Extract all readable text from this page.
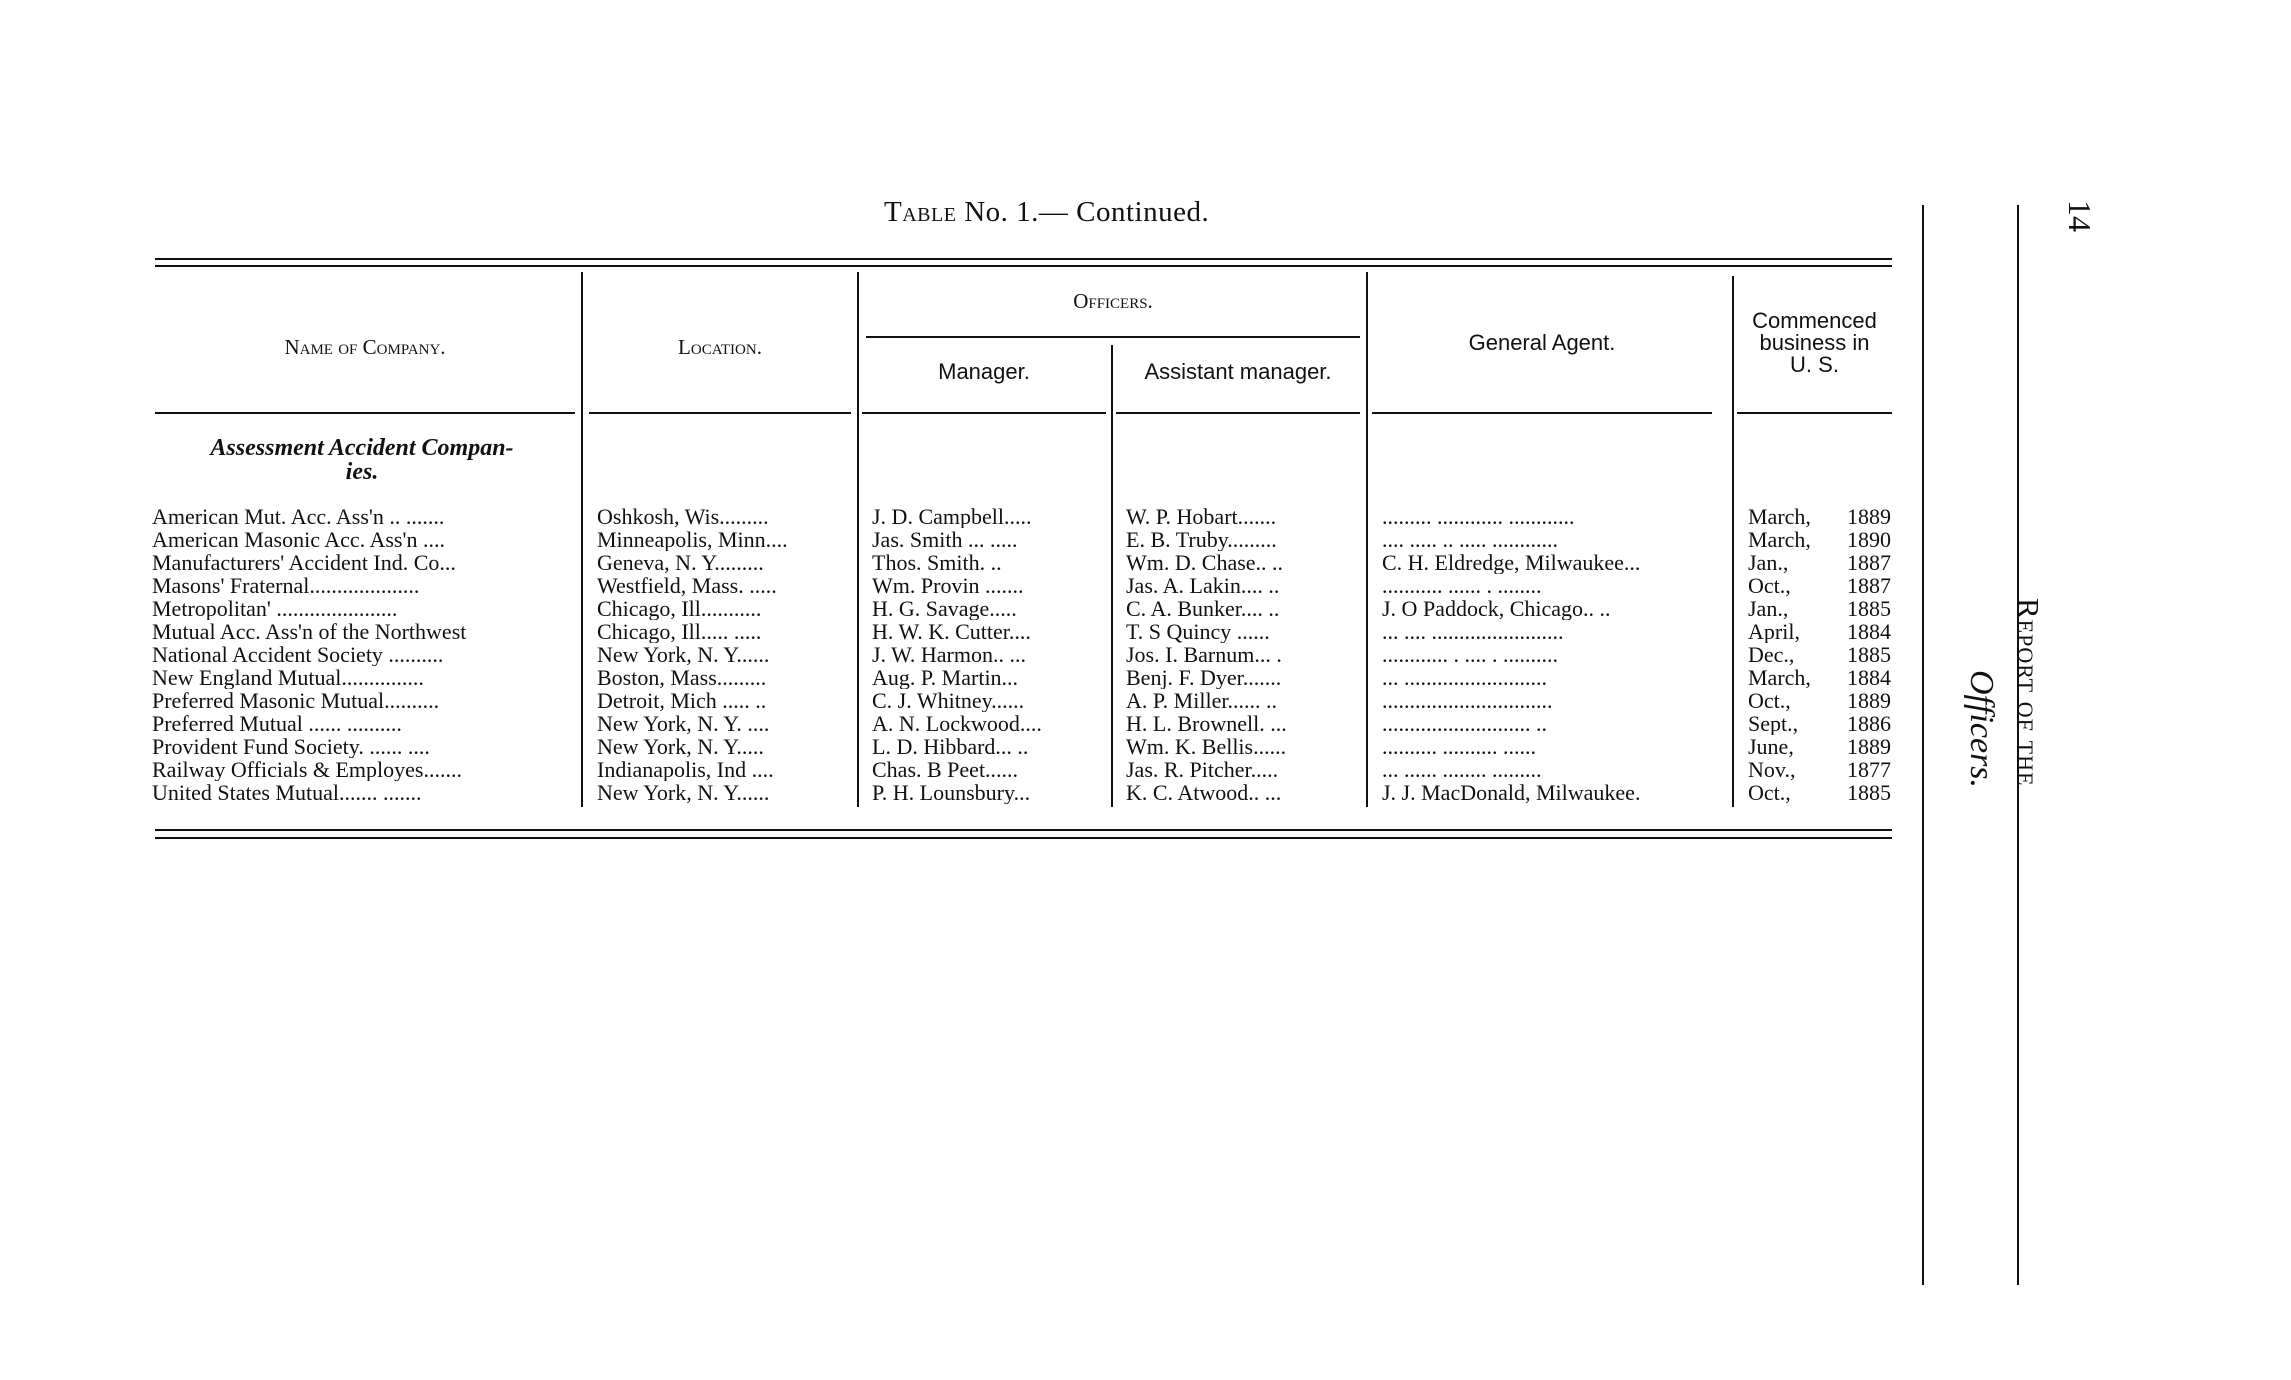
Table No. 1.— Continued.
Name of Company.	Location.
Officers.
Manager.	Assistant manager.
General Agent.
Commenced
business in
U. S.
Assessment Accident Compan-
ies.
American Mut. Acc. Ass'n .. .......	Oshkosh, Wis.........	J. D. Campbell.....	W. P. Hobart.......	......... ............ ............	March,	1889
American Masonic Acc. Ass'n ....	Minneapolis, Minn....	Jas. Smith ... .....	E. B. Truby.........	.... ..... .. ..... ............	March,	1890
Manufacturers' Accident Ind. Co...	Geneva, N. Y.........	Thos. Smith. ..	Wm. D. Chase.. ..	C. H. Eldredge, Milwaukee...	Jan.,	1887
Masons' Fraternal....................	Westfield, Mass. .....	Wm. Provin .......	Jas. A. Lakin.... ..	........... ...... . ........	Oct.,	1887
Metropolitan' ......................	Chicago, Ill...........	H. G. Savage.....	C. A. Bunker.... ..	J. O Paddock, Chicago.. ..	Jan.,	1885
Mutual Acc. Ass'n of the Northwest	Chicago, Ill..... .....	H. W. K. Cutter....	T. S Quincy ......	... .... ........................	April,	1884
National Accident Society ..........	New York, N. Y......	J. W. Harmon.. ...	Jos. I. Barnum... .	............ . .... . ..........	Dec.,	1885
New England Mutual...............	Boston, Mass.........	Aug. P. Martin...	Benj. F. Dyer.......	... ..........................	March,	1884
Preferred Masonic Mutual..........	Detroit, Mich ..... ..	C. J. Whitney......	A. P. Miller...... ..	...............................	Oct.,	1889
Preferred Mutual ...... ..........	New York, N. Y. ....	A. N. Lockwood....	H. L. Brownell. ...	........................... ..	Sept.,	1886
Provident Fund Society. ...... ....	New York, N. Y.....	L. D. Hibbard... ..	Wm. K. Bellis......	.......... .......... ......	June,	1889
Railway Officials & Employes.......	Indianapolis, Ind ....	Chas. B Peet......	Jas. R. Pitcher.....	... ...... ........ .........	Nov.,	1877
United States Mutual....... .......	New York, N. Y......	P. H. Lounsbury...	K. C. Atwood.. ...	J. J. MacDonald, Milwaukee.	Oct.,	1885
14
Report of the
Officers.
